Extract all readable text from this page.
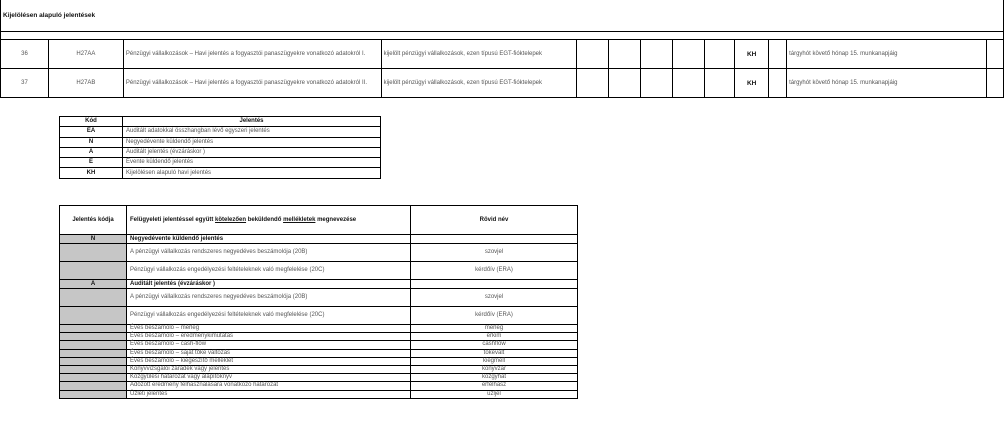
Kijelölésen alapuló jelentések												

36	H27AA	Pénzügyi vállalkozások – Havi jelentés a fogyasztói panaszügyekre vonatkozó adatokról I.	kijelölt pénzügyi vállalkozások, ezen típusú EGT-fióktelepek						KH		tárgyhót követő hónap 15. munkanapjáig	
37	H27AB	Pénzügyi vállalkozások – Havi jelentés a fogyasztói panaszügyekre vonatkozó adatokról II.	kijelölt pénzügyi vállalkozások, ezen típusú EGT-fióktelepek						KH		tárgyhót követő hónap 15. munkanapjáig	
Kód	Jelentés
EA	Auditált adatokkal összhangban lévő egyszeri jelentés
N	Negyedévente küldendő jelentés
A	Auditált jelentés (évzáráskor )
E	Évente küldendő jelentés
KH	Kijelölésen alapuló havi jelentés
Jelentés kódja	Felügyeleti jelentéssel együtt kötelezően beküldendő mellékletek megnevezése	Rövid név
N	Negyedévente küldendő jelentés	
	A pénzügyi vállalkozás rendszeres negyedéves beszámolója (20B)	szovjel
	Pénzügyi vállalkozás engedélyezési feltételeknek való megfelelése (20C)	kérdőív (ERA)
A	Auditált jelentés (évzáráskor )	
	A pénzügyi vállalkozás rendszeres negyedéves beszámolója (20B)	szovjel
	Pénzügyi vállalkozás engedélyezési feltételeknek való megfelelése (20C)	kérdőív (ERA)
	Éves beszámoló – mérleg	merleg
	Éves beszámoló – eredménykimutatás	erkim
	Éves beszámoló – cash-flow	cashflow
	Éves beszámoló – saját tőke változás	tokevalt
	Éves beszámoló – kiegészítő melléklet	kiegmell
	Könyvvizsgálói záradék vagy jelentés	konyvzar
	Közgyűlési határozat vagy alapítóknyv	kozgyhat
	Adózott eredmény felhasználására vonatkozó határozat	erfelhasz
	Üzleti jelentés	uzljel
